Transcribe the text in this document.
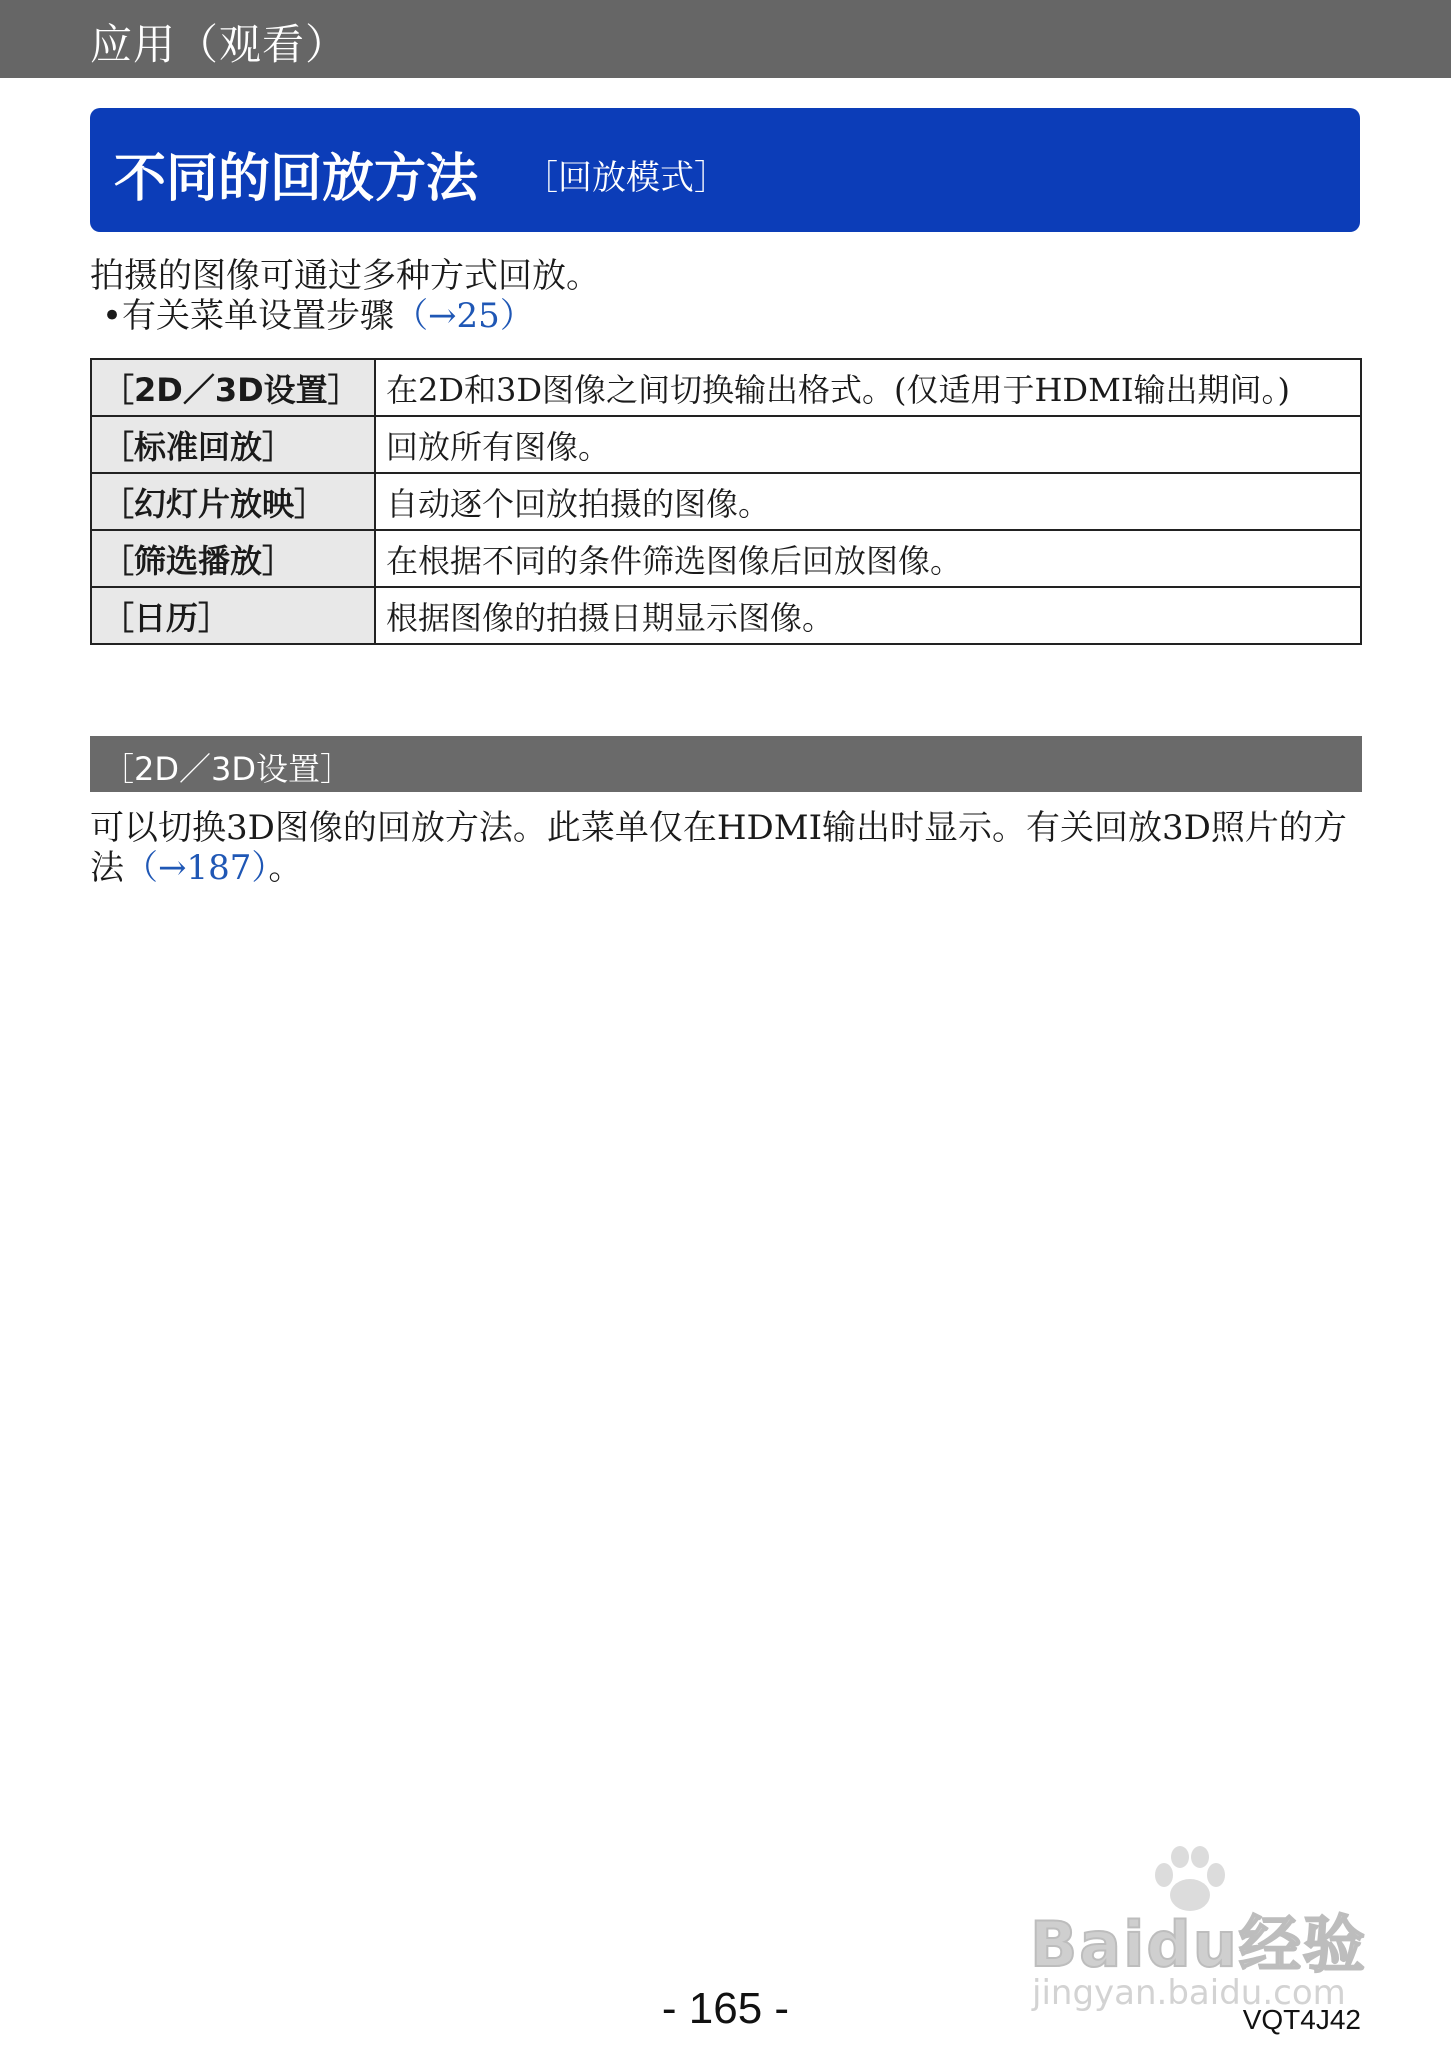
应用（观看）
不同的回放方法 ［回放模式］
拍摄的图像可通过多种方式回放。
•有关菜单设置步骤（→25）
［2D／3D设置］	在2D和3D图像之间切换输出格式。(仅适用于HDMI输出期间。)
［标准回放］	回放所有图像。
［幻灯片放映］	自动逐个回放拍摄的图像。
［筛选播放］	在根据不同的条件筛选图像后回放图像。
［日历］	根据图像的拍摄日期显示图像。
［2D／3D设置］
可以切换3D图像的回放方法。此菜单仅在HDMI输出时显示。有关回放3D照片的方
法（→187）。
Baidu经验
jingyan.baidu.com
- 165 -	VQT4J42
